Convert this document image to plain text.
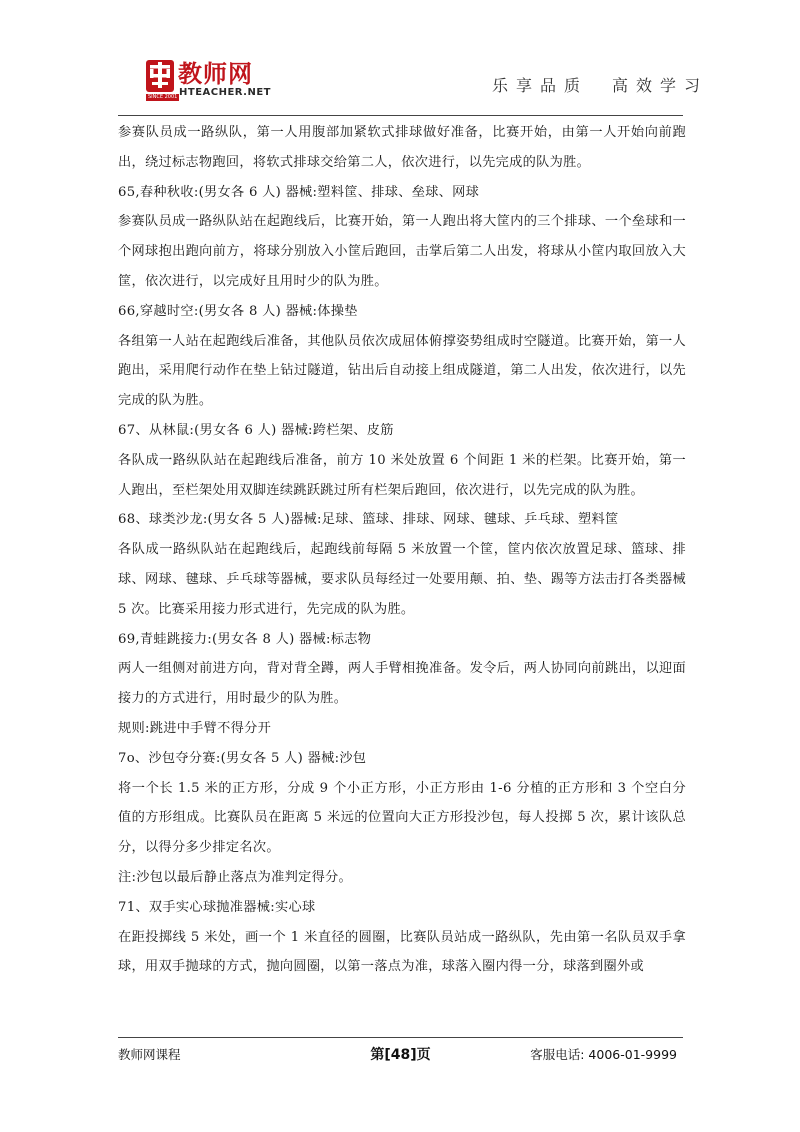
教师网
HTEACHER.NET
SINCE 2001
乐享品质　高效学习

参赛队员成一路纵队，第一人用腹部加紧软式排球做好准备，比赛开始，由第一人开始向前跑出，绕过标志物跑回，将软式排球交给第二人，依次进行，以先完成的队为胜。

65,春种秋收:(男女各 6 人) 器械:塑料筐、排球、垒球、网球

参赛队员成一路纵队站在起跑线后，比赛开始，第一人跑出将大筐内的三个排球、一个垒球和一个网球抱出跑向前方，将球分别放入小筐后跑回，击掌后第二人出发，将球从小筐内取回放入大筐，依次进行，以完成好且用时少的队为胜。

66,穿越时空:(男女各 8 人) 器械:体操垫

各组第一人站在起跑线后准备，其他队员依次成屈体俯撑姿势组成时空隧道。比赛开始，第一人跑出，采用爬行动作在垫上钻过隧道，钻出后自动接上组成隧道，第二人出发，依次进行，以先完成的队为胜。

67、从林鼠:(男女各 6 人) 器械:跨栏架、皮筋

各队成一路纵队站在起跑线后准备，前方 10 米处放置 6 个间距 1 米的栏架。比赛开始，第一人跑出，至栏架处用双脚连续跳跃跳过所有栏架后跑回，依次进行，以先完成的队为胜。

68、球类沙龙:(男女各 5 人)器械:足球、篮球、排球、网球、毽球、乒乓球、塑料筐

各队成一路纵队站在起跑线后，起跑线前每隔 5 米放置一个筐，筐内依次放置足球、篮球、排球、网球、毽球、乒乓球等器械，要求队员每经过一处要用颠、拍、垫、踢等方法击打各类器械 5 次。比赛采用接力形式进行，先完成的队为胜。

69,青蛙跳接力:(男女各 8 人) 器械:标志物

两人一组侧对前进方向，背对背全蹲，两人手臂相挽准备。发令后，两人协同向前跳出，以迎面接力的方式进行，用时最少的队为胜。

规则:跳进中手臂不得分开

7o、沙包夺分赛:(男女各 5 人) 器械:沙包

将一个长 1.5 米的正方形，分成 9 个小正方形，小正方形由 1-6 分植的正方形和 3 个空白分值的方形组成。比赛队员在距离 5 米远的位置向大正方形投沙包，每人投掷 5 次，累计该队总分，以得分多少排定名次。

注:沙包以最后静止落点为准判定得分。

71、双手实心球抛准器械:实心球

在距投掷线 5 米处，画一个 1 米直径的圆圈，比赛队员站成一路纵队，先由第一名队员双手拿球，用双手抛球的方式，抛向圆圈，以第一落点为准，球落入圈内得一分，球落到圈外或

教师网课程	第[48]页	客服电话: 4006-01-9999
